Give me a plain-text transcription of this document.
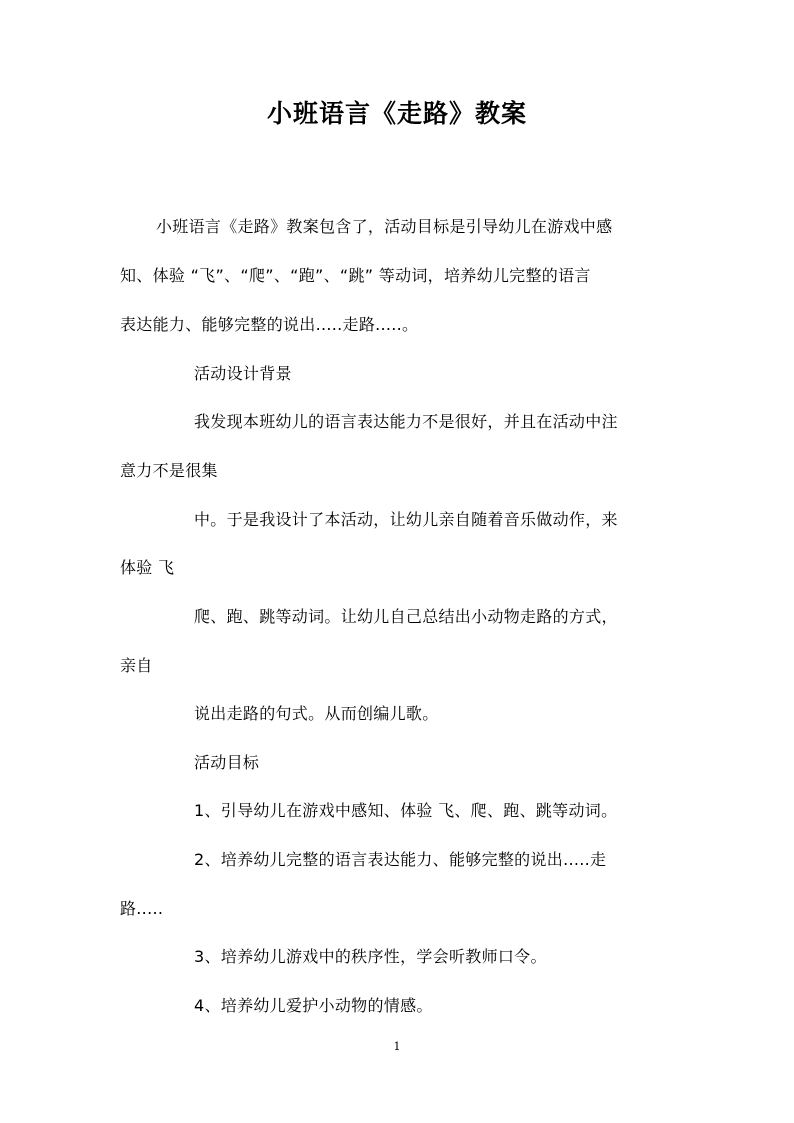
小班语言《走路》教案
小班语言《走路》教案包含了，活动目标是引导幼儿在游戏中感
知、体验 “飞”、“爬”、“跑”、“跳” 等动词，培养幼儿完整的语言
表达能力、能够完整的说出.....走路.....。
活动设计背景
我发现本班幼儿的语言表达能力不是很好，并且在活动中注
意力不是很集
中。于是我设计了本活动，让幼儿亲自随着音乐做动作，来
体验 飞
爬、跑、跳等动词。让幼儿自己总结出小动物走路的方式，
亲自
说出走路的句式。从而创编儿歌。
活动目标
1、引导幼儿在游戏中感知、体验 飞、爬、跑、跳等动词。
2、培养幼儿完整的语言表达能力、能够完整的说出.....走
路.....
3、培养幼儿游戏中的秩序性，学会听教师口令。
4、培养幼儿爱护小动物的情感。
1
